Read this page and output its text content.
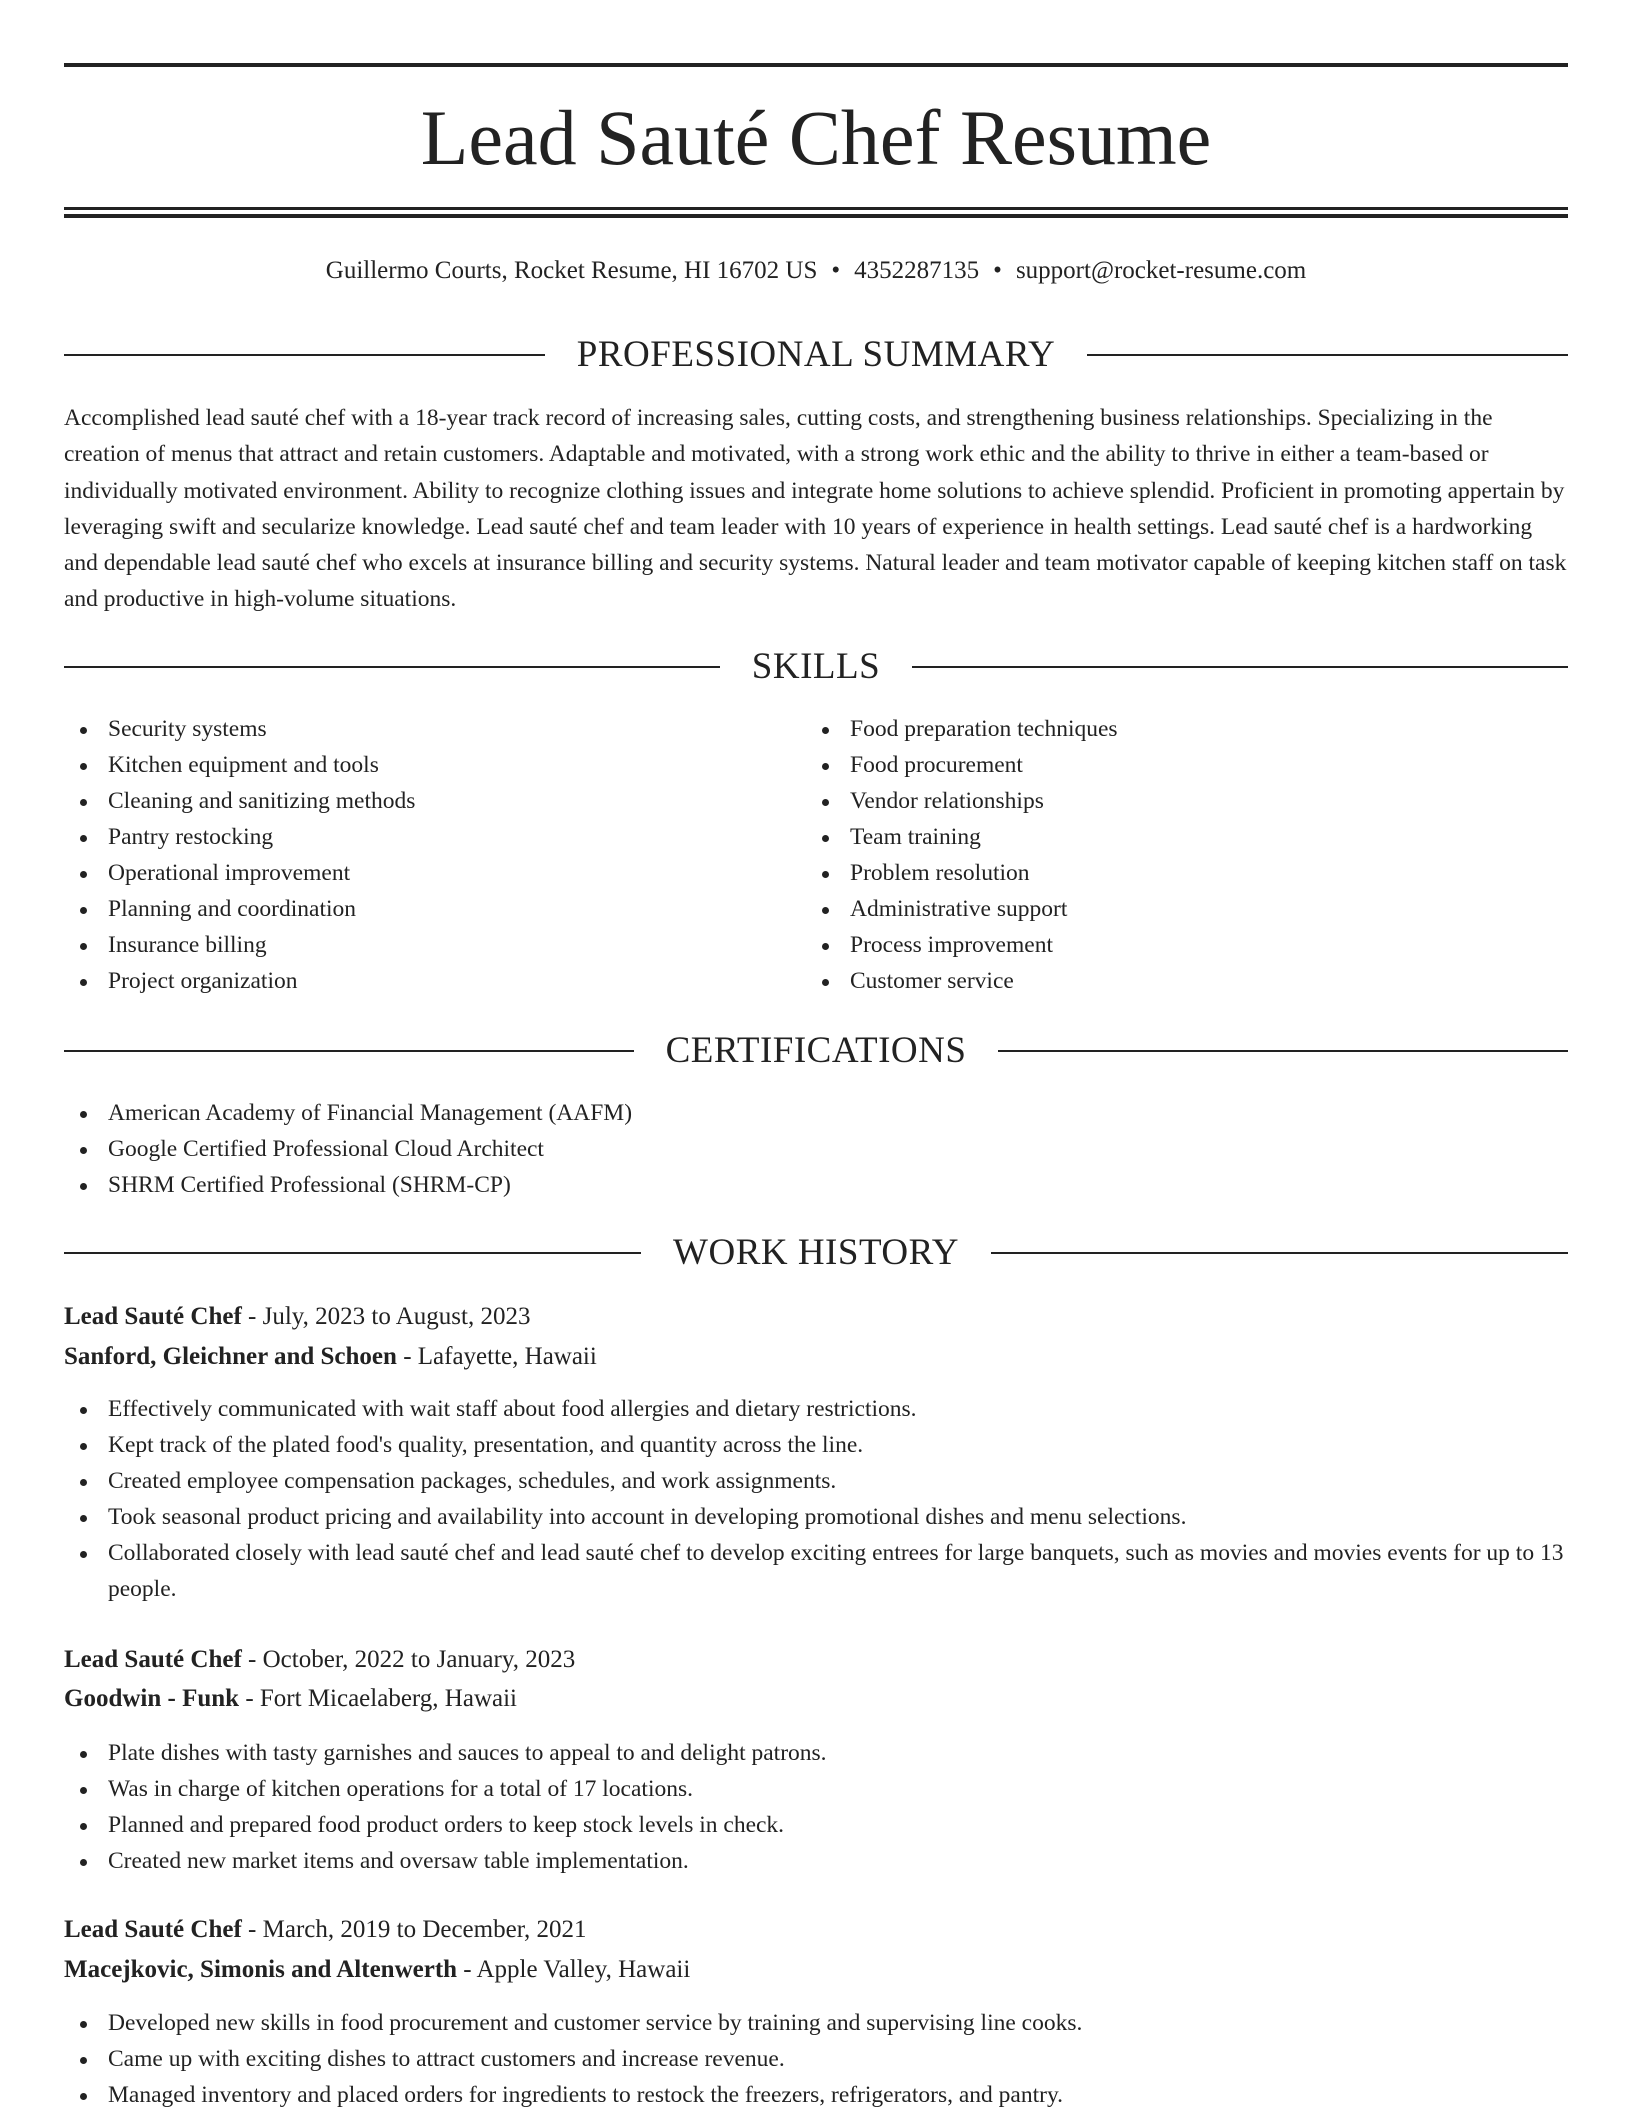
Lead Sauté Chef Resume
Guillermo Courts, Rocket Resume, HI 16702 US • 4352287135 • support@rocket-resume.com
PROFESSIONAL SUMMARY

Accomplished lead sauté chef with a 18-year track record of increasing sales, cutting costs, and strengthening business relationships. Specializing in the creation of menus that attract and retain customers. Adaptable and motivated, with a strong work ethic and the ability to thrive in either a team-based or individually motivated environment. Ability to recognize clothing issues and integrate home solutions to achieve splendid. Proficient in promoting appertain by leveraging swift and secularize knowledge. Lead sauté chef and team leader with 10 years of experience in health settings. Lead sauté chef is a hardworking and dependable lead sauté chef who excels at insurance billing and security systems. Natural leader and team motivator capable of keeping kitchen staff on task and productive in high-volume situations.

SKILLS
Security systems
Kitchen equipment and tools
Cleaning and sanitizing methods
Pantry restocking
Operational improvement
Planning and coordination
Insurance billing
Project organization
Food preparation techniques
Food procurement
Vendor relationships
Team training
Problem resolution
Administrative support
Process improvement
Customer service
CERTIFICATIONS
American Academy of Financial Management (AAFM)
Google Certified Professional Cloud Architect
SHRM Certified Professional (SHRM-CP)
WORK HISTORY
Lead Sauté Chef - July, 2023 to August, 2023
Sanford, Gleichner and Schoen - Lafayette, Hawaii
Effectively communicated with wait staff about food allergies and dietary restrictions.
Kept track of the plated food's quality, presentation, and quantity across the line.
Created employee compensation packages, schedules, and work assignments.
Took seasonal product pricing and availability into account in developing promotional dishes and menu selections.
Collaborated closely with lead sauté chef and lead sauté chef to develop exciting entrees for large banquets, such as movies and movies events for up to 13 people.
Lead Sauté Chef - October, 2022 to January, 2023
Goodwin - Funk - Fort Micaelaberg, Hawaii
Plate dishes with tasty garnishes and sauces to appeal to and delight patrons.
Was in charge of kitchen operations for a total of 17 locations.
Planned and prepared food product orders to keep stock levels in check.
Created new market items and oversaw table implementation.
Lead Sauté Chef - March, 2019 to December, 2021
Macejkovic, Simonis and Altenwerth - Apple Valley, Hawaii
Developed new skills in food procurement and customer service by training and supervising line cooks.
Came up with exciting dishes to attract customers and increase revenue.
Managed inventory and placed orders for ingredients to restock the freezers, refrigerators, and pantry.
